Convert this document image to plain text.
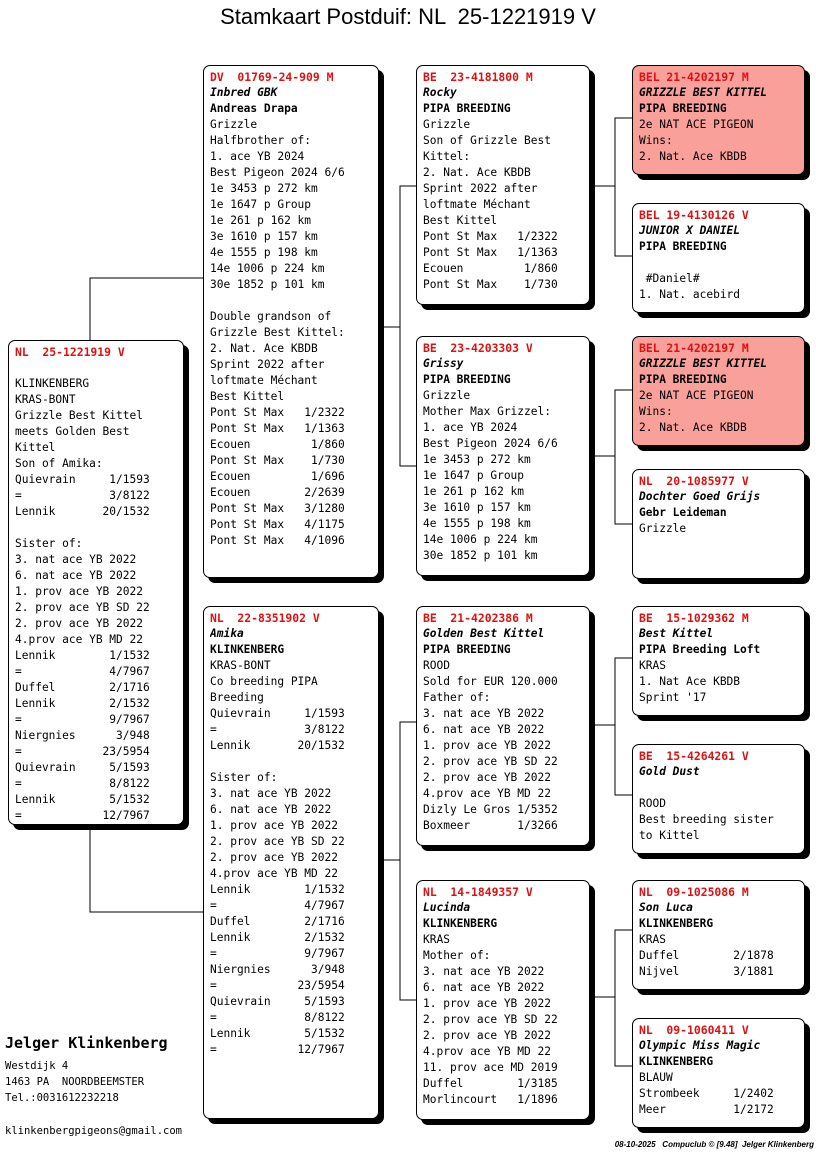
Stamkaart Postduif: NL  25-1221919 V
NL  25-1221919 V
KLINKENBERG
KRAS-BONT
Grizzle Best Kittel
meets Golden Best
Kittel
Son of Amika:
Quievrain     1/1593
=             3/8122
Lennik       20/1532
Sister of:
3. nat ace YB 2022
6. nat ace YB 2022
1. prov ace YB 2022
2. prov ace YB SD 22
2. prov ace YB 2022
4.prov ace YB MD 22
Lennik        1/1532
=             4/7967
Duffel        2/1716
Lennik        2/1532
=             9/7967
Niergnies      3/948
=            23/5954
Quievrain     5/1593
=             8/8122
Lennik        5/1532
=            12/7967
DV  01769-24-909 M
Inbred GBK
Andreas Drapa
Grizzle
Halfbrother of:
1. ace YB 2024
Best Pigeon 2024 6/6
1e 3453 p 272 km
1e 1647 p Group
1e 261 p 162 km
3e 1610 p 157 km
4e 1555 p 198 km
14e 1006 p 224 km
30e 1852 p 101 km
Double grandson of
Grizzle Best Kittel:
2. Nat. Ace KBDB
Sprint 2022 after
loftmate Méchant
Best Kittel
Pont St Max   1/2322
Pont St Max   1/1363
Ecouen         1/860
Pont St Max    1/730
Ecouen         1/696
Ecouen        2/2639
Pont St Max   3/1280
Pont St Max   4/1175
Pont St Max   4/1096
NL  22-8351902 V
Amika
KLINKENBERG
KRAS-BONT
Co breeding PIPA
Breeding
Quievrain     1/1593
=             3/8122
Lennik       20/1532
Sister of:
3. nat ace YB 2022
6. nat ace YB 2022
1. prov ace YB 2022
2. prov ace YB SD 22
2. prov ace YB 2022
4.prov ace YB MD 22
Lennik        1/1532
=             4/7967
Duffel        2/1716
Lennik        2/1532
=             9/7967
Niergnies      3/948
=            23/5954
Quievrain     5/1593
=             8/8122
Lennik        5/1532
=            12/7967
BE  23-4181800 M
Rocky
PIPA BREEDING
Grizzle
Son of Grizzle Best
Kittel:
2. Nat. Ace KBDB
Sprint 2022 after
loftmate Méchant
Best Kittel
Pont St Max   1/2322
Pont St Max   1/1363
Ecouen         1/860
Pont St Max    1/730
BE  23-4203303 V
Grissy
PIPA BREEDING
Grizzle
Mother Max Grizzel:
1. ace YB 2024
Best Pigeon 2024 6/6
1e 3453 p 272 km
1e 1647 p Group
1e 261 p 162 km
3e 1610 p 157 km
4e 1555 p 198 km
14e 1006 p 224 km
30e 1852 p 101 km
BE  21-4202386 M
Golden Best Kittel
PIPA BREEDING
ROOD
Sold for EUR 120.000
Father of:
3. nat ace YB 2022
6. nat ace YB 2022
1. prov ace YB 2022
2. prov ace YB SD 22
2. prov ace YB 2022
4.prov ace YB MD 22
Dizly Le Gros 1/5352
Boxmeer       1/3266
NL  14-1849357 V
Lucinda
KLINKENBERG
KRAS
Mother of:
3. nat ace YB 2022
6. nat ace YB 2022
1. prov ace YB 2022
2. prov ace YB SD 22
2. prov ace YB 2022
4.prov ace YB MD 22
11. prov ace MD 2019
Duffel        1/3185
Morlincourt   1/1896
BEL 21-4202197 M
GRIZZLE BEST KITTEL
PIPA BREEDING
2e NAT ACE PIGEON
Wins:
2. Nat. Ace KBDB
BEL 19-4130126 V
JUNIOR X DANIEL
PIPA BREEDING
#Daniel#
1. Nat. acebird
BEL 21-4202197 M
GRIZZLE BEST KITTEL
PIPA BREEDING
2e NAT ACE PIGEON
Wins:
2. Nat. Ace KBDB
NL  20-1085977 V
Dochter Goed Grijs
Gebr Leideman
Grizzle
BE  15-1029362 M
Best Kittel
PIPA Breeding Loft
KRAS
1. Nat Ace KBDB
Sprint '17
BE  15-4264261 V
Gold Dust
ROOD
Best breeding sister
to Kittel
NL  09-1025086 M
Son Luca
KLINKENBERG
KRAS
Duffel        2/1878
Nijvel        3/1881
NL  09-1060411 V
Olympic Miss Magic
KLINKENBERG
BLAUW
Strombeek     1/2402
Meer          1/2172
Jelger Klinkenberg
Westdijk 4
1463 PA  NOORDBEEMSTER
Tel.:0031612232218
klinkenbergpigeons@gmail.com
08-10-2025   Compuclub © [9.48]  Jelger Klinkenberg
